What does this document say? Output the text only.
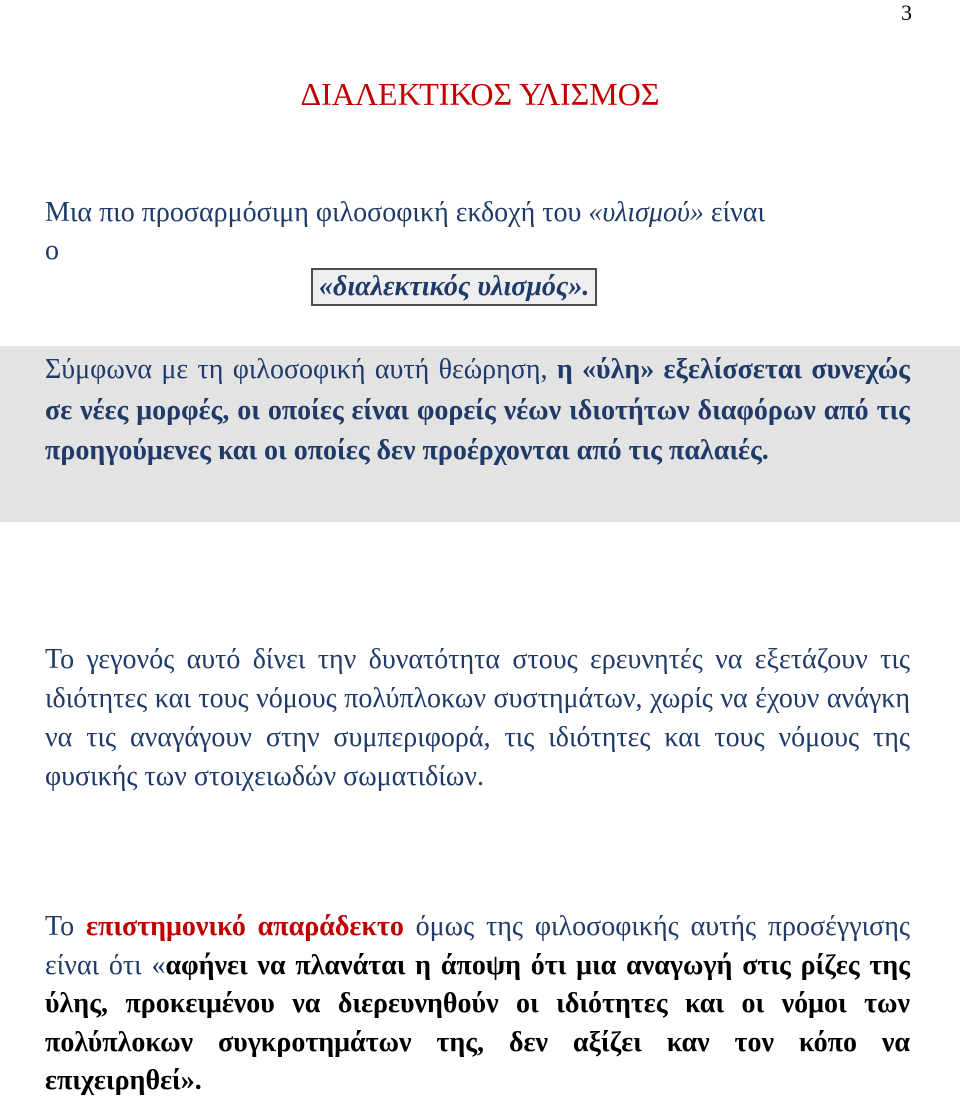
3
ΔΙΑΛΕΚΤΙΚΟΣ ΥΛΙΣΜΟΣ
Μια πιο προσαρμόσιμη φιλοσοφική εκδοχή του «υλισμού» είναι
ο
«διαλεκτικός υλισμός».
Σύμφωνα με τη φιλοσοφική αυτή θεώρηση, η «ύλη» εξελίσσεται συνεχώς σε νέες μορφές, οι οποίες είναι φορείς νέων ιδιοτήτων διαφόρων από τις προηγούμενες και οι οποίες δεν προέρχονται από τις παλαιές.
Το γεγονός αυτό δίνει την δυνατότητα στους ερευνητές να εξετάζουν τις ιδιότητες και τους νόμους πολύπλοκων συστημάτων, χωρίς να έχουν ανάγκη να τις αναγάγουν στην συμπεριφορά, τις ιδιότητες και τους νόμους της φυσικής των στοιχειωδών σωματιδίων.
Το επιστημονικό απαράδεκτο όμως της φιλοσοφικής αυτής προσέγγισης είναι ότι «αφήνει να πλανάται η άποψη ότι μια αναγωγή στις ρίζες της ύλης, προκειμένου να διερευνηθούν οι ιδιότητες και οι νόμοι των πολύπλοκων συγκροτημάτων της, δεν αξίζει καν τον κόπο να επιχειρηθεί».
